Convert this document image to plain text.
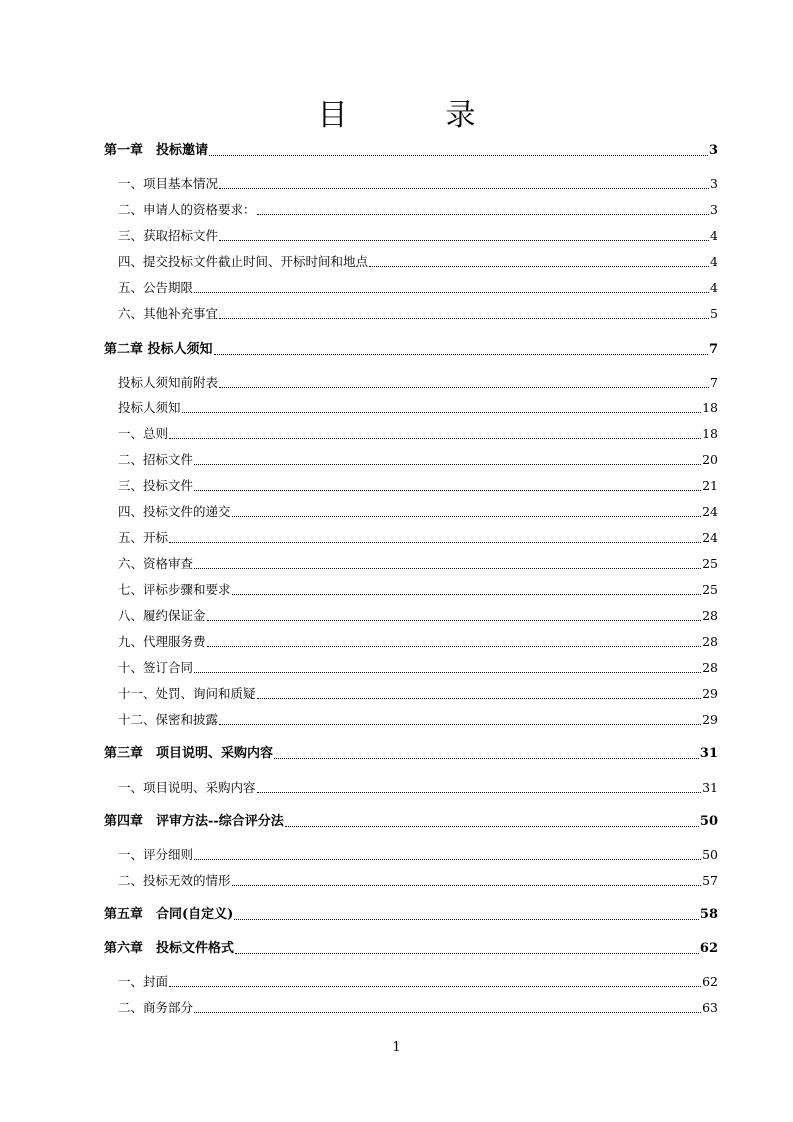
目　录
第一章　投标邀请	3
一、项目基本情况	3
二、申请人的资格要求：	3
三、获取招标文件	4
四、提交投标文件截止时间、开标时间和地点	4
五、公告期限	4
六、其他补充事宜	5
第二章 投标人须知	7
投标人须知前附表	7
投标人须知	18
一、总则	18
二、招标文件	20
三、投标文件	21
四、投标文件的递交	24
五、开标	24
六、资格审查	25
七、评标步骤和要求	25
八、履约保证金	28
九、代理服务费	28
十、签订合同	28
十一、处罚、询问和质疑	29
十二、保密和披露	29
第三章　项目说明、采购内容	31
一、项目说明、采购内容	31
第四章　评审方法--综合评分法	50
一、评分细则	50
二、投标无效的情形	57
第五章　合同(自定义)	58
第六章　投标文件格式	62
一、封面	62
二、商务部分	63
1
